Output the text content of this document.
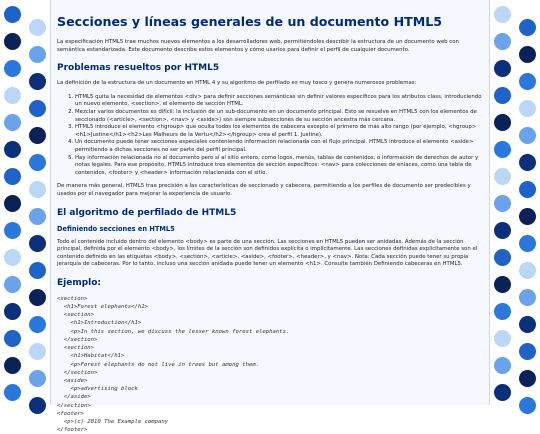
Secciones y líneas generales de un documento HTML5

La especificación HTML5 trae muchos nuevos elementos a los desarrolladores web, permitiéndoles describir la estructura de un documento web con semántica estandarizada. Este documento describe estos elementos y cómo usarlos para definir el perfil de cualquier documento.

Problemas resueltos por HTML5

La definición de la estructura de un documento en HTML 4 y su algoritmo de perfilado es muy tosco y genera numerosos problemas:

1. HTML5 quita la necesidad de elementos <div> para definir secciones semánticas sin definir valores específicos para los atributos class, introduciendo un nuevo elemento, <section>, el elemento de sección HTML.
2. Mezclar varios documentos es difícil: la inclusión de un sub-documento en un documento principal. Esto se resuelve en HTML5 con los elementos de seccionado (<article>, <section>, <nav> y <aside>) son siempre subsecciones de su sección ancestra más cercana.
3. HTML5 introduce el elemento <hgroup> que oculta todos los elementos de cabecera excepto el primero de más alto rango (por ejemplo, <hgroup><h1>Justine</h1><h2>Les Malheurs de la Vertu</h2></hgroup> crea el perfil 1. Justine).
4. Un documento puede tener secciones especiales conteniendo información relacionada con el flujo principal. HTML5 introduce el elemento <aside> permitiendo a dichas secciones no ser parte del perfil principal.
5. Hay información relacionada no al documento pero sí al sitio entero, como logos, menús, tablas de contenidos, o información de derechos de autor y notas legales. Para ese propósito, HTML5 introduce tres elementos de sección específicos: <nav> para colecciones de enlaces, como una tabla de contenidos, <footer> y <header> información relacionada con el sitio.

De manera más general, HTML5 trae precisión a las características de seccionado y cabecera, permitiendo a los perfiles de documento ser predecibles y usados por el navegador para mejorar la experiencia de usuario.

El algoritmo de perfilado de HTML5
Definiendo secciones en HTML5

Todo el contenido incluido dentro del elemento <body> es parte de una sección. Las secciones en HTML5 pueden ser anidadas. Además de la sección principal, definida por el elemento <body>, los límites de la sección son definidos explícita o implícitamente. Las secciones definidas explícitamente son el contenido definido en las etiquetas <body>, <section>, <article>, <aside>, <footer>, <header>, y <nav>. Nota: Cada sección puede tener su propia jerarquía de cabeceras. Por lo tanto, incluso una sección anidada puede tener un elemento <h1>. Consulte también Definiendo cabeceras en HTML5.

Ejemplo:
<section>
<h1>Forest elephants</h1>
<section>
<h1>Introduction</h1>
<p>In this section, we discuss the lesser known forest elephants.
</section>
<section>
<h1>Habitat</h1>
<p>Forest elephants do not live in trees but among them.
</section>
<aside>
<p>advertising block
</aside>
</section>
<footer>
<p>(c) 2010 The Example company
</footer>
